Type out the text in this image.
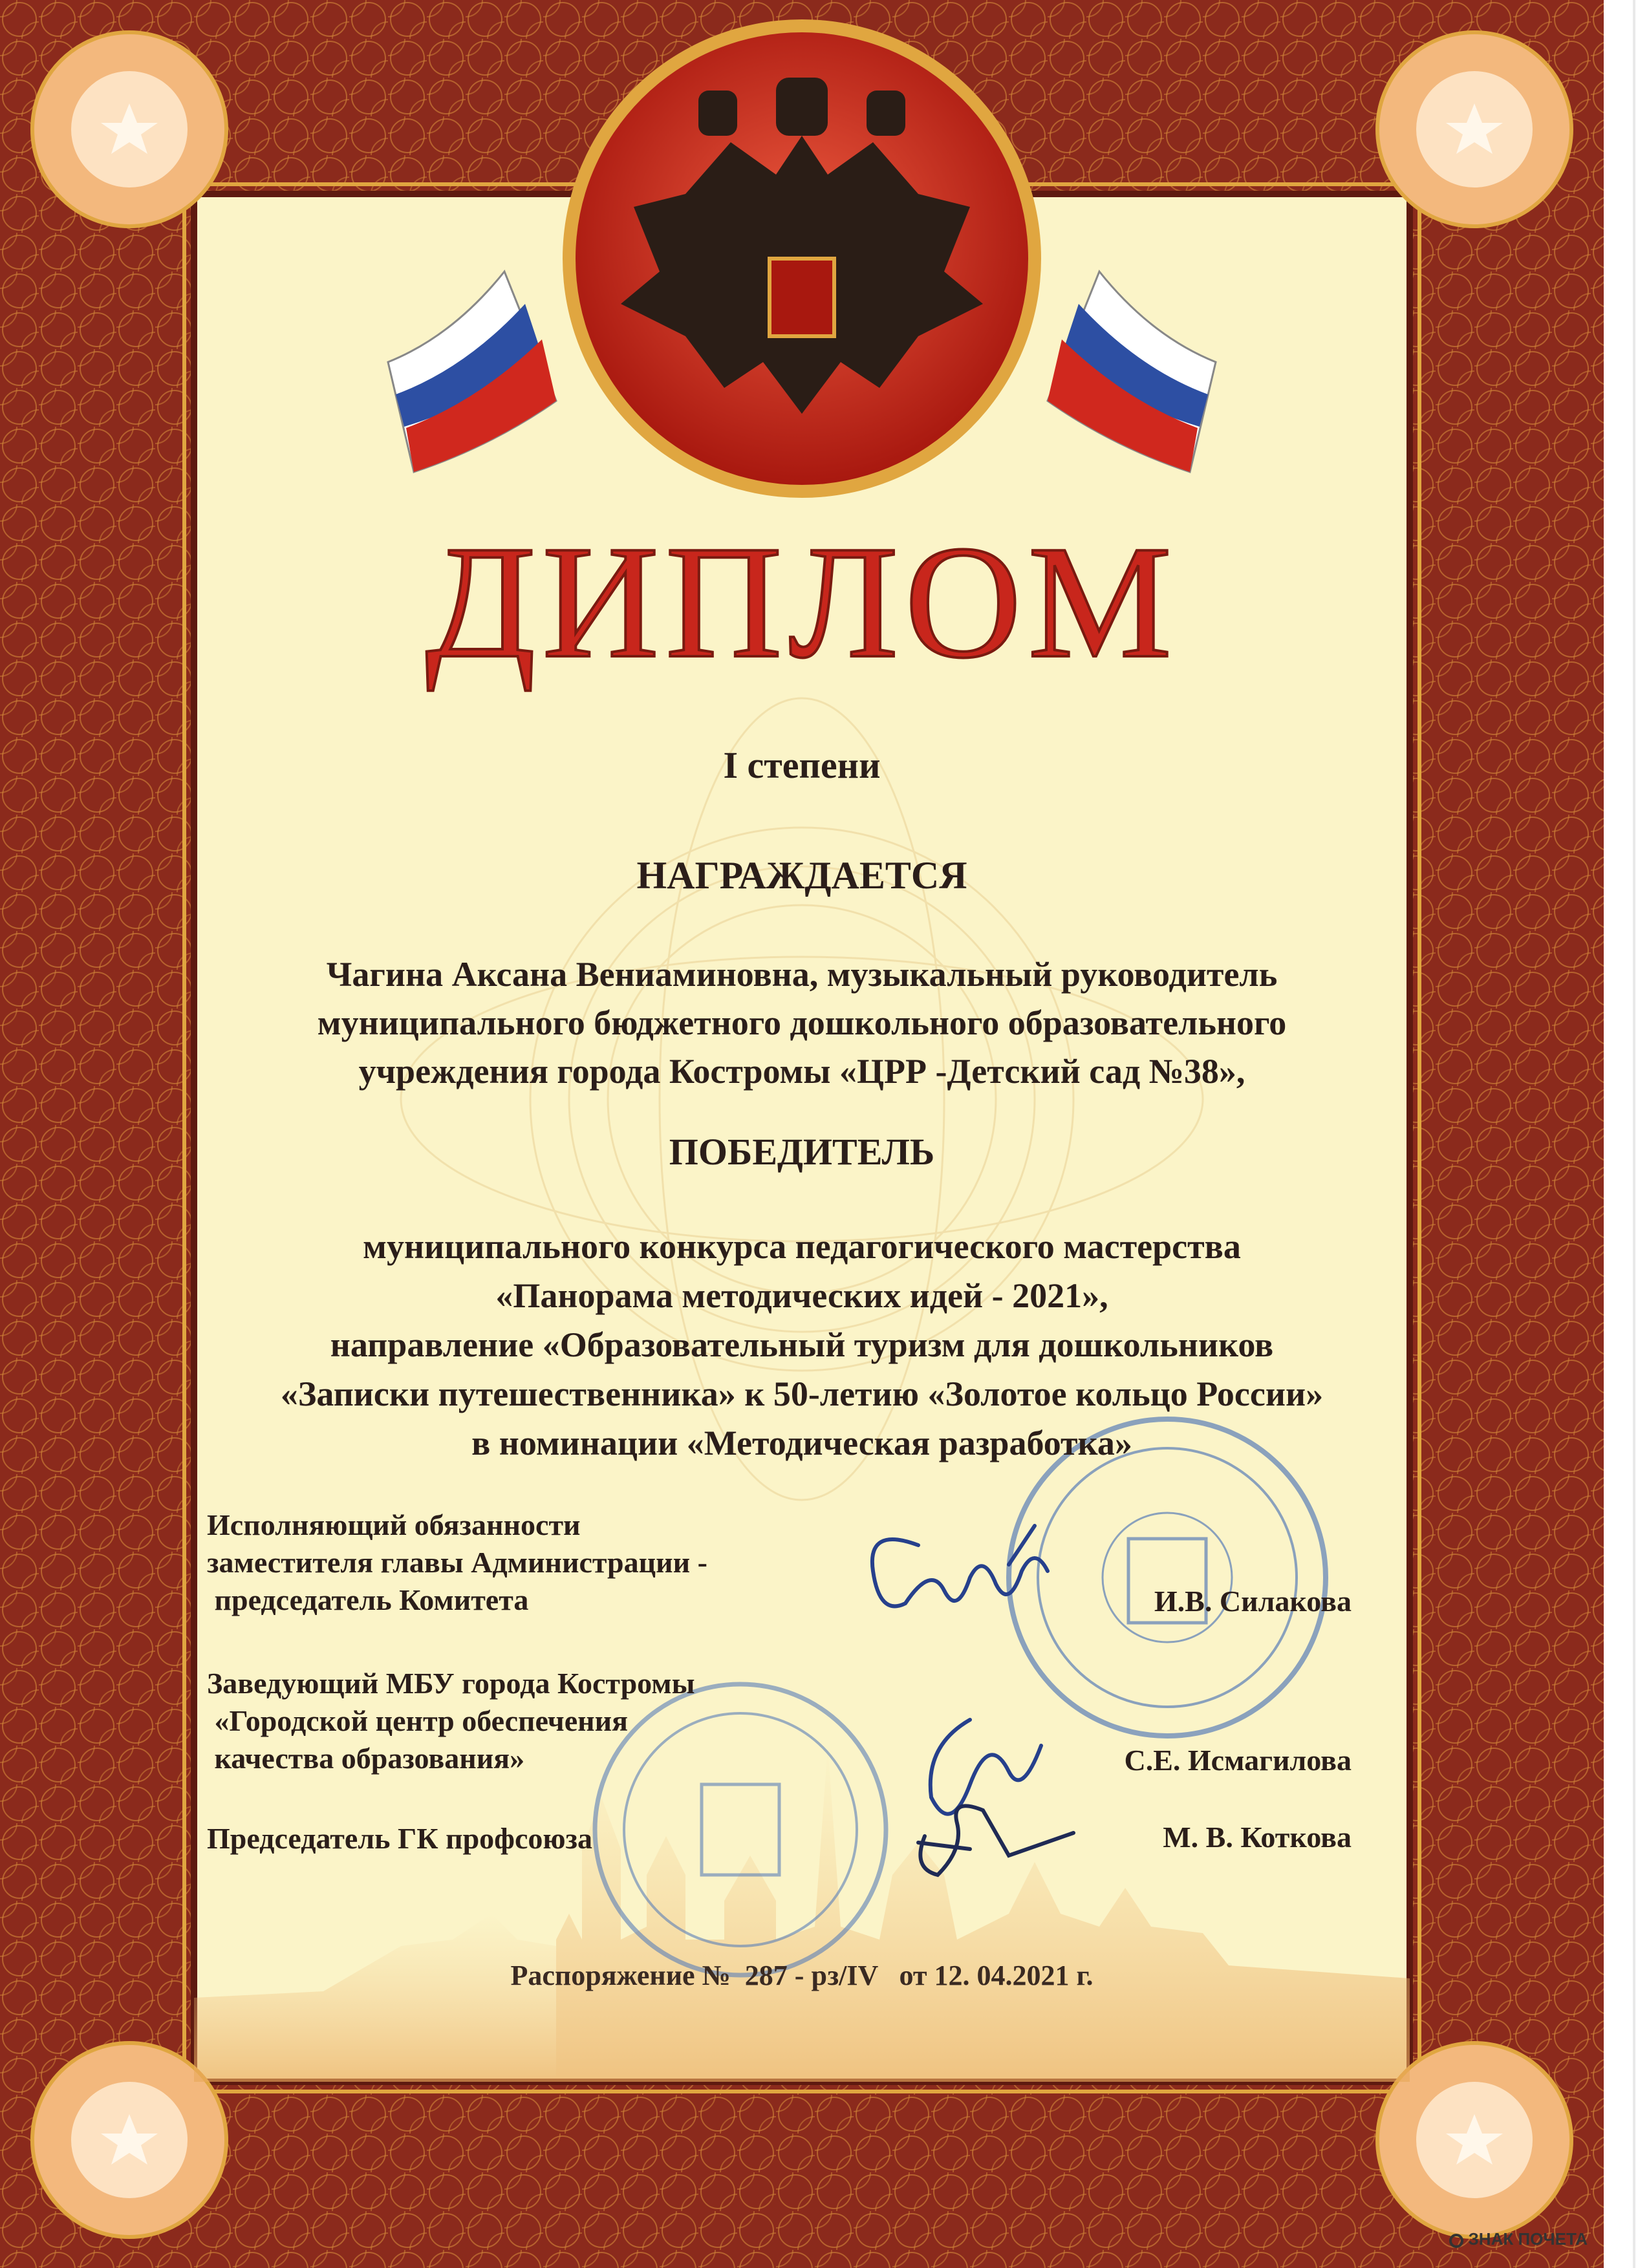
ДИПЛОМ
I степени
НАГРАЖДАЕТСЯ
Чагина Аксана Вениаминовна, музыкальный руководитель
муниципального бюджетного дошкольного образовательного
учреждения города Костромы «ЦРР -Детский сад №38»,
ПОБЕДИТЕЛЬ
муниципального конкурса педагогического мастерства
«Панорама методических идей - 2021»,
направление «Образовательный туризм для дошкольников
«Записки путешественника» к 50-летию «Золотое кольцо России»
в номинации «Методическая разработка»
Исполняющий обязанности
заместителя главы Администрации -
председатель Комитета	И.В. Силакова
Заведующий МБУ города Костромы
«Городской центр обеспечения
качества образования»	С.Е. Исмагилова
Председатель ГК профсоюза	М. В. Коткова
Распоряжение №  287 - рз/IV   от 12. 04.2021 г.
ЗНАК ПОЧЕТА
